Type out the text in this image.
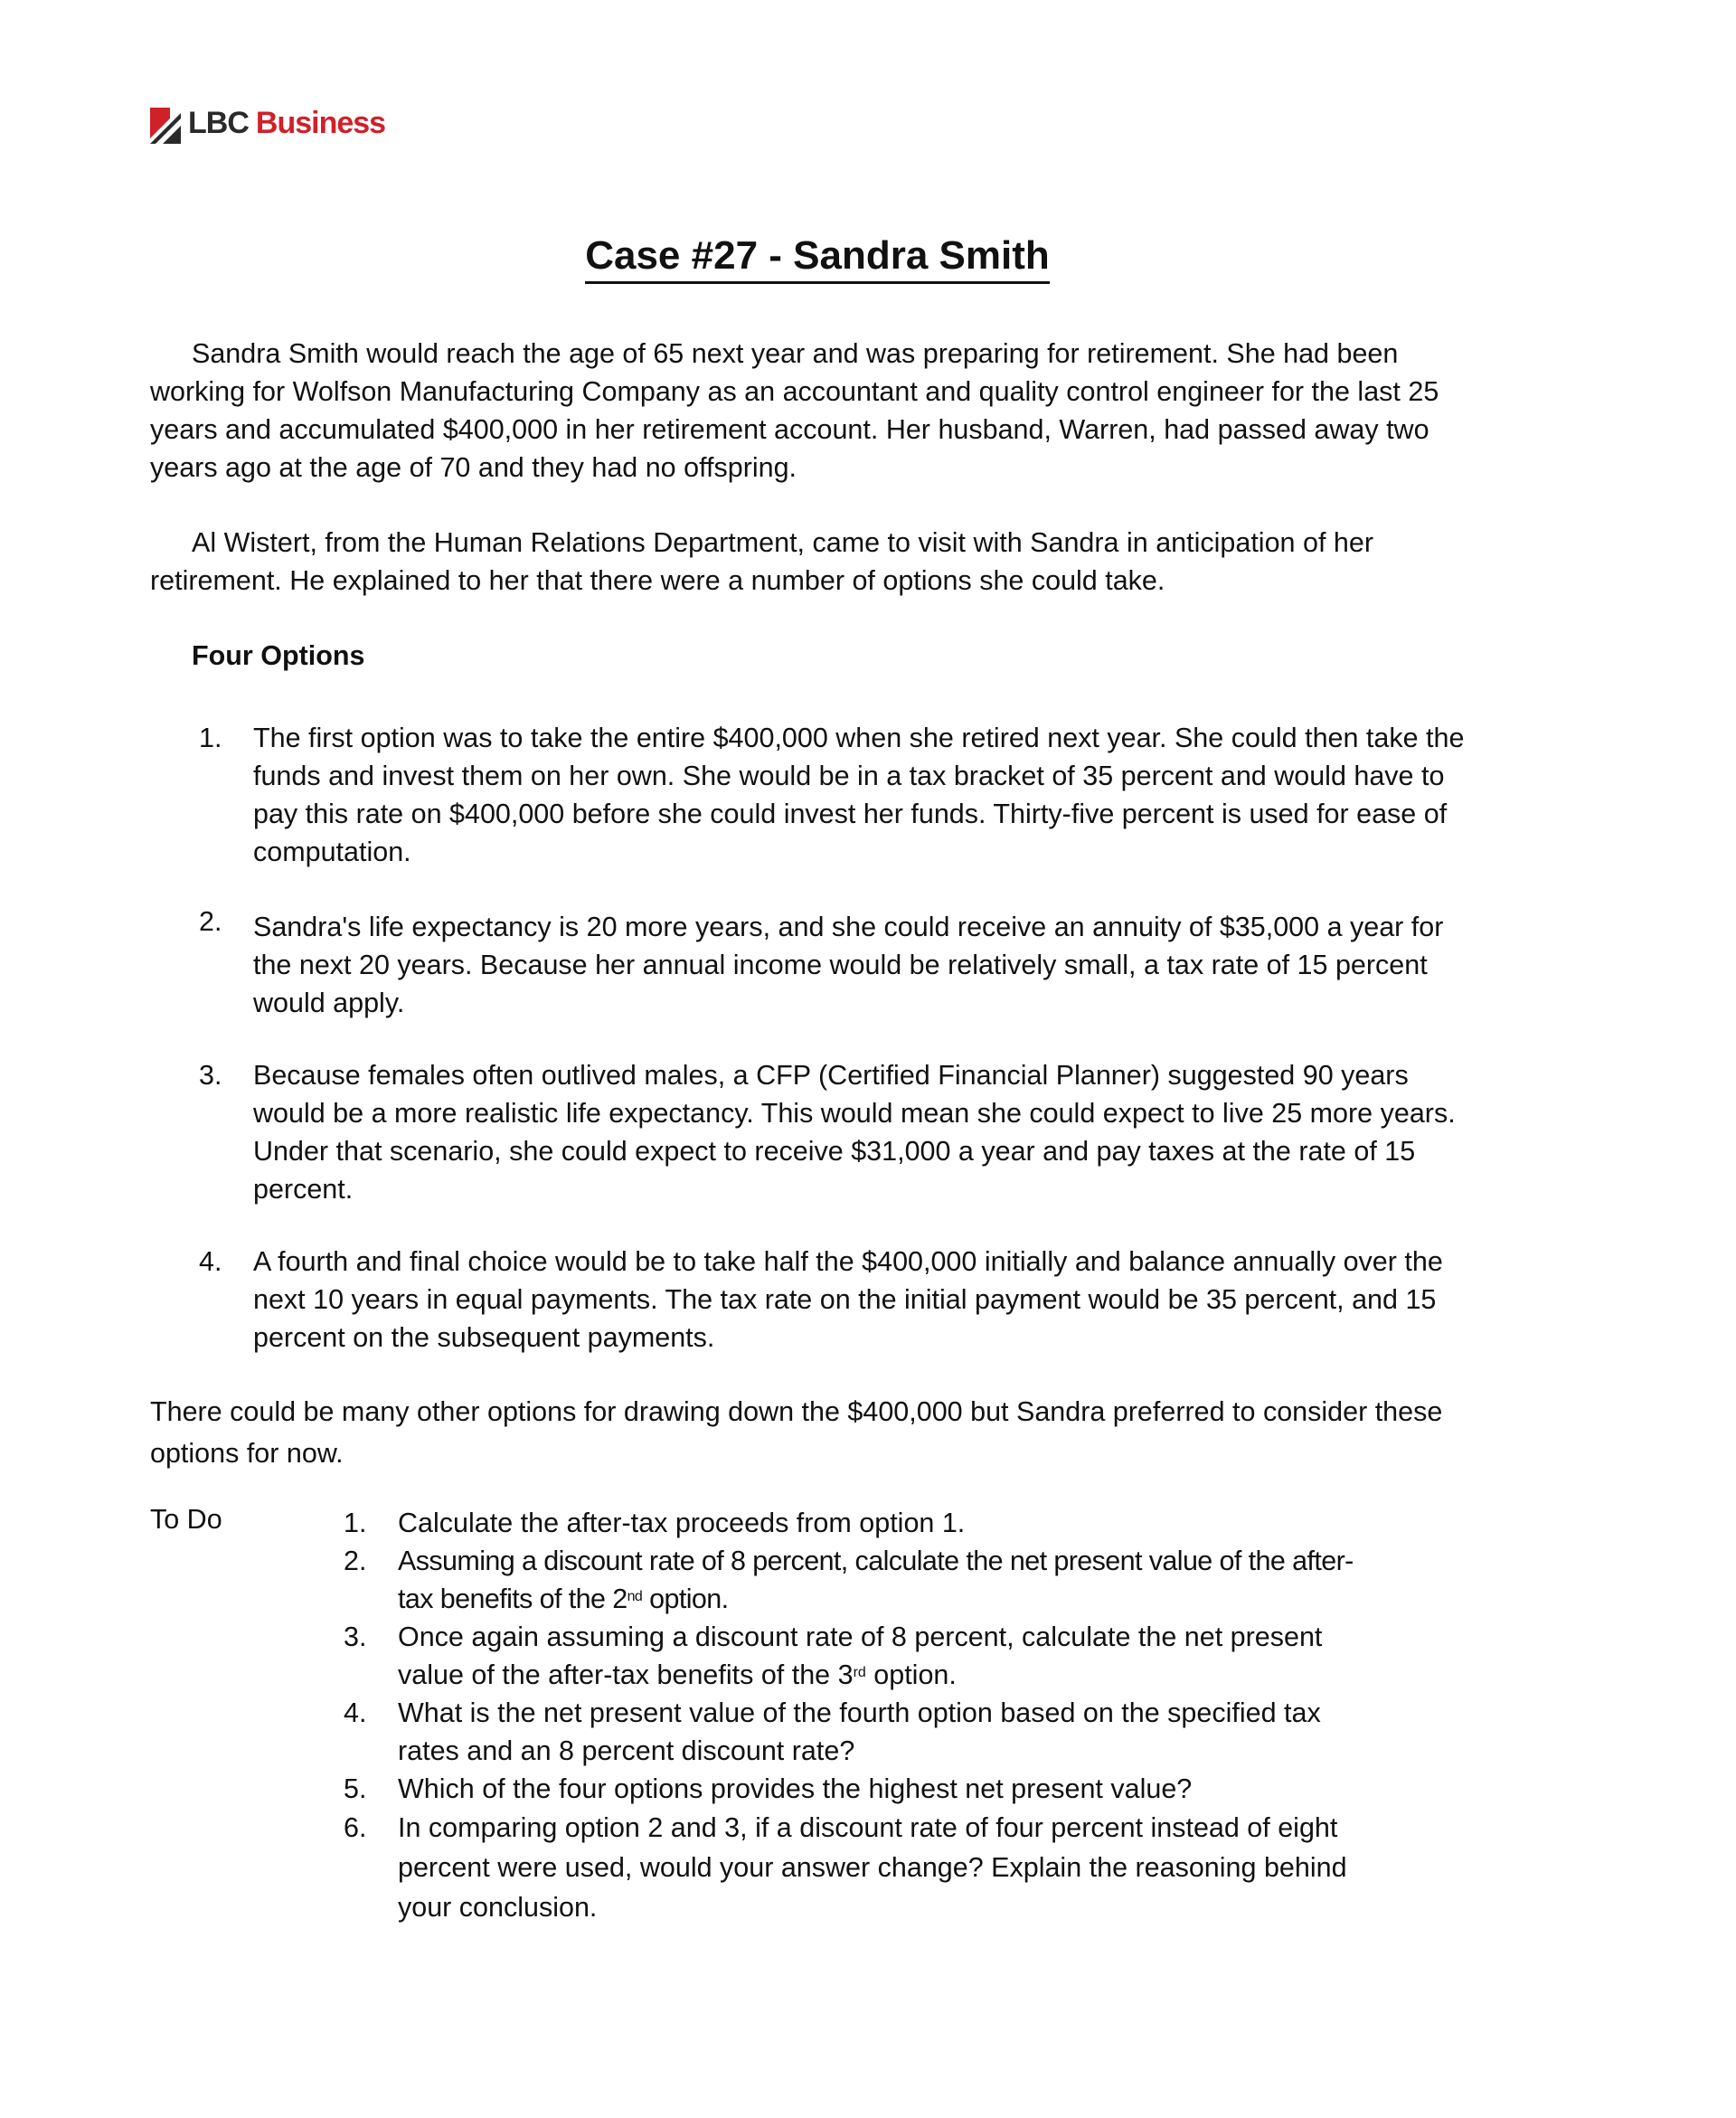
LBC Business
Case #27 - Sandra Smith

Sandra Smith would reach the age of 65 next year and was preparing for retirement. She had been working for Wolfson Manufacturing Company as an accountant and quality control engineer for the last 25 years and accumulated $400,000 in her retirement account. Her husband, Warren, had passed away two years ago at the age of 70 and they had no offspring.

Al Wistert, from the Human Relations Department, came to visit with Sandra in anticipation of her retirement. He explained to her that there were a number of options she could take.

Four Options
1.	The first option was to take the entire $400,000 when she retired next year. She could then take the funds and invest them on her own. She would be in a tax bracket of 35 percent and would have to pay this rate on $400,000 before she could invest her funds. Thirty-five percent is used for ease of computation.
2.	Sandra's life expectancy is 20 more years, and she could receive an annuity of $35,000 a year for the next 20 years. Because her annual income would be relatively small, a tax rate of 15 percent would apply.
3.	Because females often outlived males, a CFP (Certified Financial Planner) suggested 90 years would be a more realistic life expectancy. This would mean she could expect to live 25 more years. Under that scenario, she could expect to receive $31,000 a year and pay taxes at the rate of 15 percent.
4.	A fourth and final choice would be to take half the $400,000 initially and balance annually over the next 10 years in equal payments. The tax rate on the initial payment would be 35 percent, and 15 percent on the subsequent payments.

There could be many other options for drawing down the $400,000 but Sandra preferred to consider these options for now.

To Do	1.	Calculate the after-tax proceeds from option 1.
2.	Assuming a discount rate of 8 percent, calculate the net present value of the after-tax benefits of the 2nd option.
3.	Once again assuming a discount rate of 8 percent, calculate the net present value of the after-tax benefits of the 3rd option.
4.	What is the net present value of the fourth option based on the specified tax rates and an 8 percent discount rate?
5.	Which of the four options provides the highest net present value?
6.	In comparing option 2 and 3, if a discount rate of four percent instead of eight percent were used, would your answer change? Explain the reasoning behind your conclusion.
